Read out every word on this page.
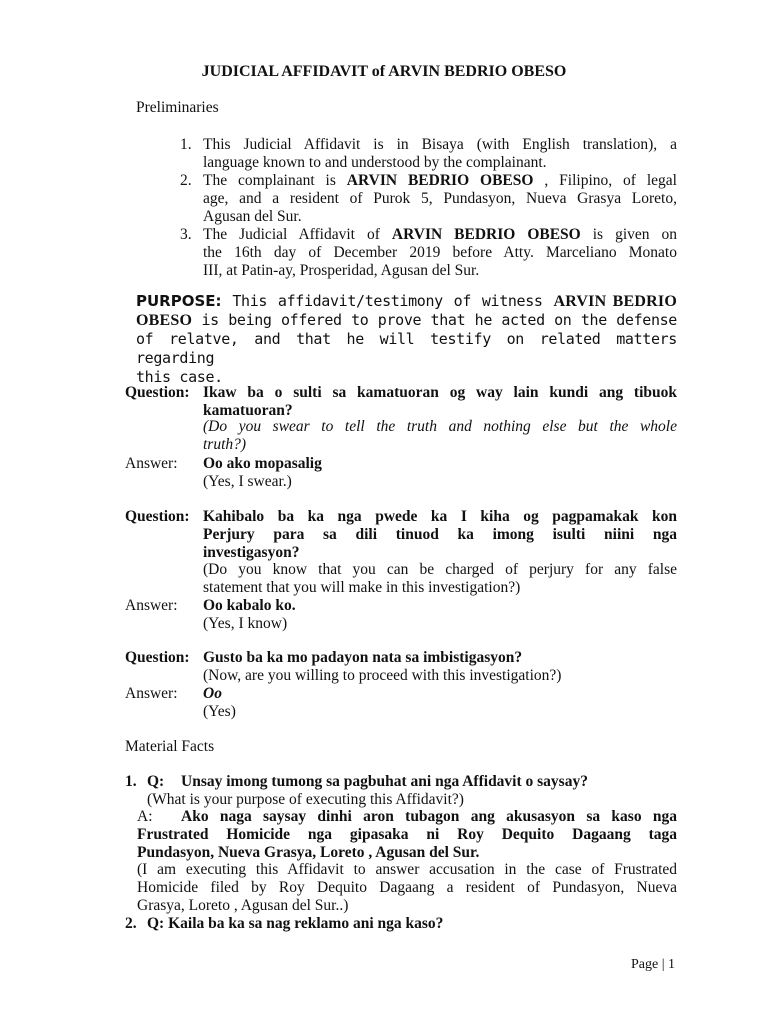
JUDICIAL AFFIDAVIT of ARVIN BEDRIO OBESO
Preliminaries
1. This Judicial Affidavit is in Bisaya (with English translation), a
language known to and understood by the complainant.
2. The complainant is ARVIN BEDRIO OBESO , Filipino, of legal
age, and a resident of Purok 5, Pundasyon, Nueva Grasya Loreto,
Agusan del Sur.
3. The Judicial Affidavit of ARVIN BEDRIO OBESO is given on
the 16th day of December 2019 before Atty. Marceliano Monato
III, at Patin-ay, Prosperidad, Agusan del Sur.
PURPOSE: This affidavit/testimony of witness ARVIN BEDRIO
OBESO is being offered to prove that he acted on the defense
of relatve, and that he will testify on related matters regarding
this case.
Question: Ikaw ba o sulti sa kamatuoran og way lain kundi ang tibuok
kamatuoran?
(Do you swear to tell the truth and nothing else but the whole
truth?)
Answer: Oo ako mopasalig
(Yes, I swear.)
Question: Kahibalo ba ka nga pwede ka I kiha og pagpamakak kon
Perjury para sa dili tinuod ka imong isulti niini nga
investigasyon?
(Do you know that you can be charged of perjury for any false
statement that you will make in this investigation?)
Answer: Oo kabalo ko.
(Yes, I know)
Question: Gusto ba ka mo padayon nata sa imbistigasyon?
(Now, are you willing to proceed with this investigation?)
Answer: Oo
(Yes)
Material Facts
1. Q: Unsay imong tumong sa pagbuhat ani nga Affidavit o saysay?
(What is your purpose of executing this Affidavit?)
A: Ako naga saysay dinhi aron tubagon ang akusasyon sa kaso nga
Frustrated Homicide nga gipasaka ni Roy Dequito Dagaang taga
Pundasyon, Nueva Grasya, Loreto , Agusan del Sur.
(I am executing this Affidavit to answer accusation in the case of Frustrated
Homicide filed by Roy Dequito Dagaang a resident of Pundasyon, Nueva
Grasya, Loreto , Agusan del Sur..)
2. Q: Kaila ba ka sa nag reklamo ani nga kaso?
Page | 1
